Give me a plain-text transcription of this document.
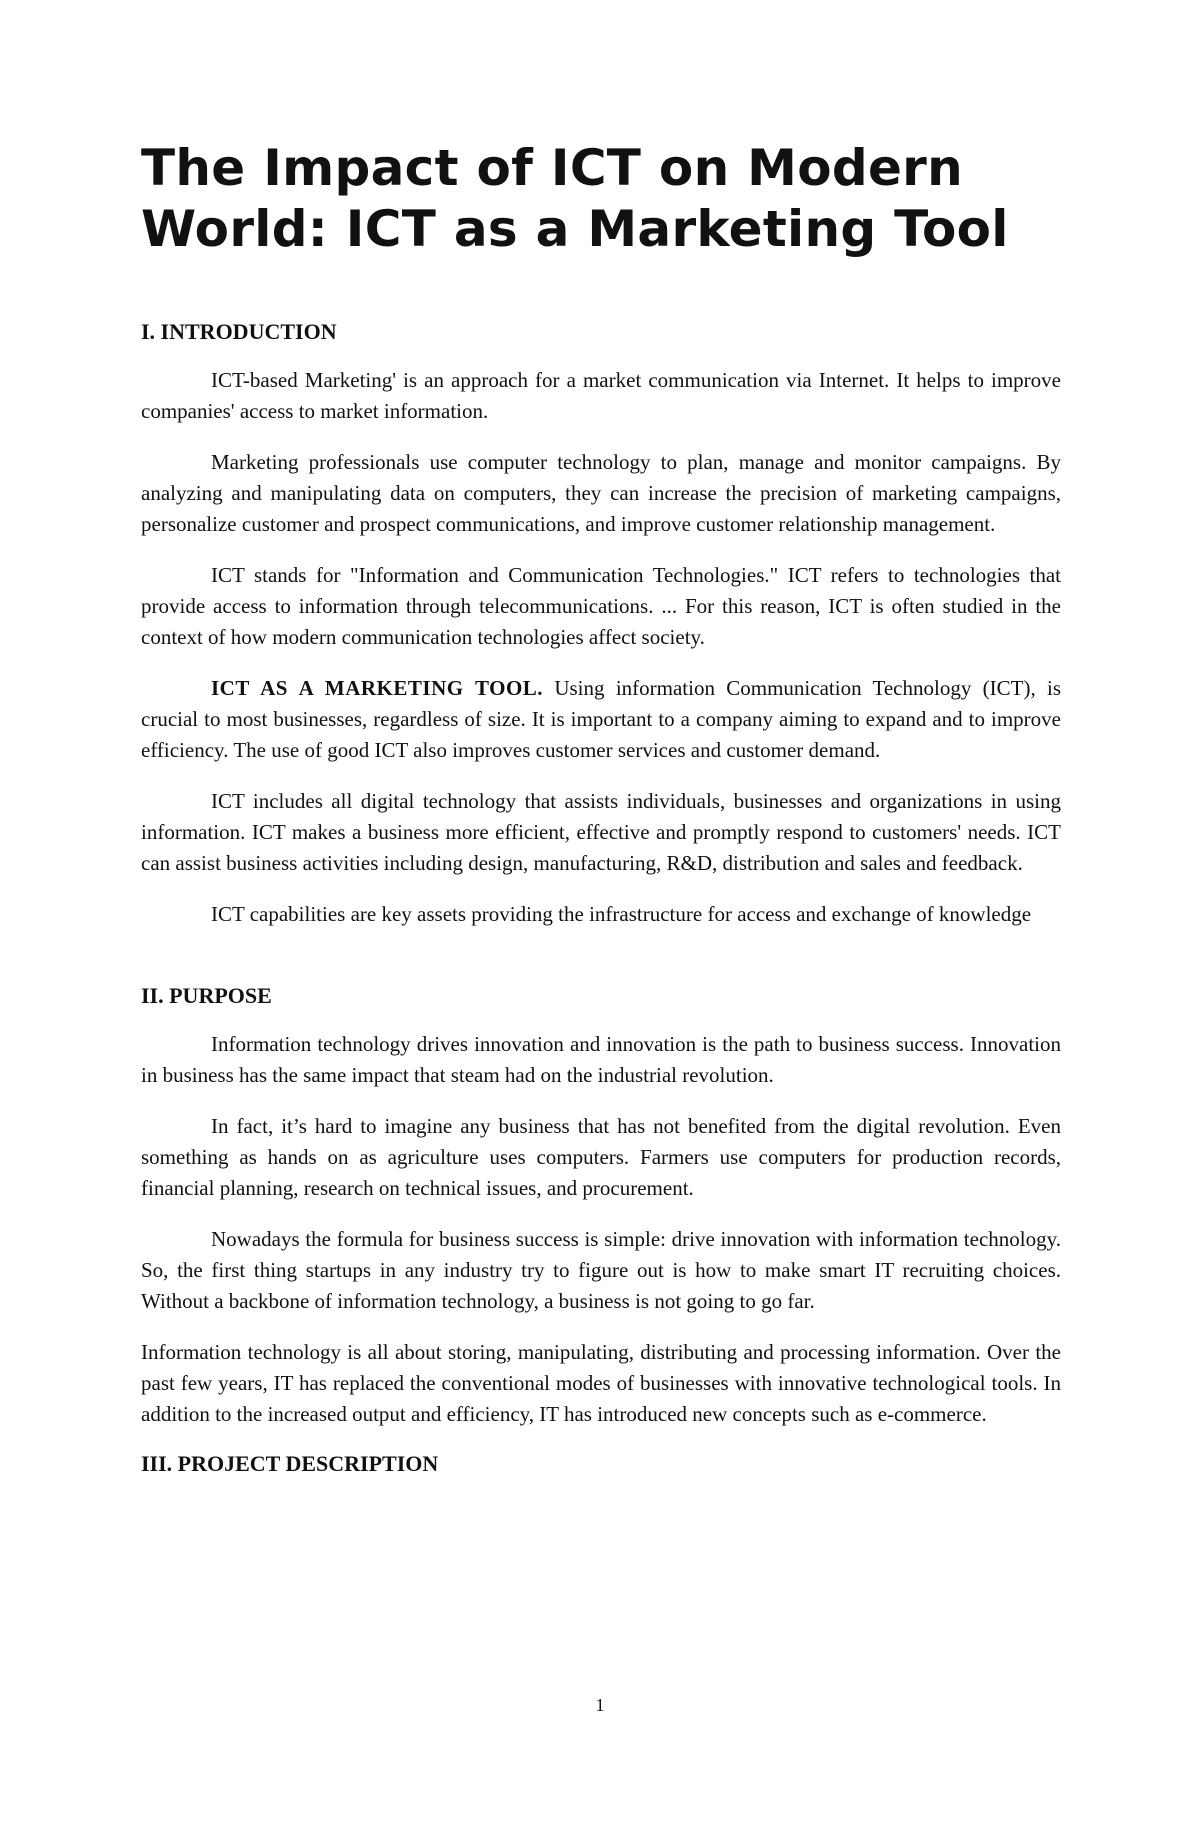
The Impact of ICT on Modern
World: ICT as a Marketing Tool
I. INTRODUCTION

ICT-based Marketing' is an approach for a market communication via Internet. It helps to improve companies' access to market information.

Marketing professionals use computer technology to plan, manage and monitor campaigns. By analyzing and manipulating data on computers, they can increase the precision of marketing campaigns, personalize customer and prospect communications, and improve customer relationship management.

ICT stands for "Information and Communication Technologies." ICT refers to technologies that provide access to information through telecommunications. ... For this reason, ICT is often studied in the context of how modern communication technologies affect society.

ICT AS A MARKETING TOOL. Using information Communication Technology (ICT), is crucial to most businesses, regardless of size. It is important to a company aiming to expand and to improve efficiency. The use of good ICT also improves customer services and customer demand.

ICT includes all digital technology that assists individuals, businesses and organizations in using information. ICT makes a business more efficient, effective and promptly respond to customers' needs. ICT can assist business activities including design, manufacturing, R&D, distribution and sales and feedback.

ICT capabilities are key assets providing the infrastructure for access and exchange of knowledge

II. PURPOSE

Information technology drives innovation and innovation is the path to business success. Innovation in business has the same impact that steam had on the industrial revolution.

In fact, it’s hard to imagine any business that has not benefited from the digital revolution. Even something as hands on as agriculture uses computers. Farmers use computers for production records, financial planning, research on technical issues, and procurement.

Nowadays the formula for business success is simple: drive innovation with information technology. So, the first thing startups in any industry try to figure out is how to make smart IT recruiting choices. Without a backbone of information technology, a business is not going to go far.

Information technology is all about storing, manipulating, distributing and processing information. Over the past few years, IT has replaced the conventional modes of businesses with innovative technological tools. In addition to the increased output and efficiency, IT has introduced new concepts such as e-commerce.

III. PROJECT DESCRIPTION
1
